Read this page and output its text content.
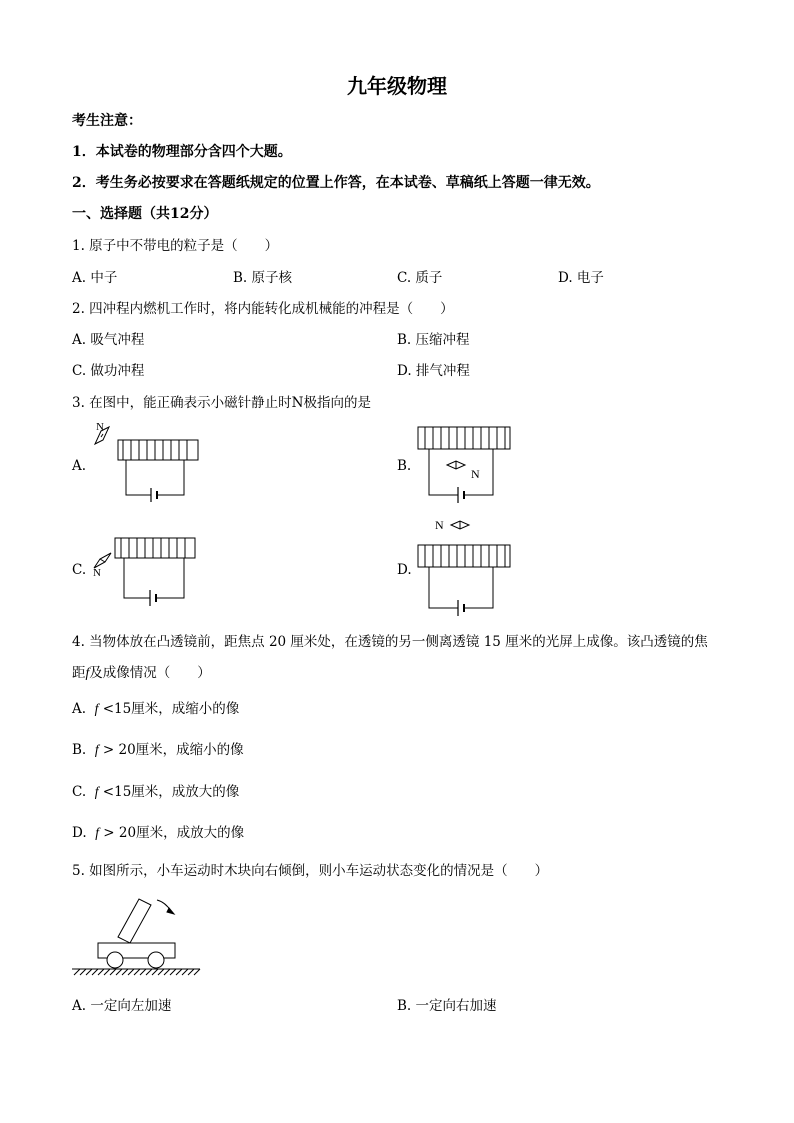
九年级物理
考生注意：
1．本试卷的物理部分含四个大题。
2．考生务必按要求在答题纸规定的位置上作答，在本试卷、草稿纸上答题一律无效。
一、选择题（共12分）
1. 原子中不带电的粒子是（　　）
A. 中子	B. 原子核	C. 质子	D. 电子
2. 四冲程内燃机工作时，将内能转化成机械能的冲程是（　　）
A. 吸气冲程	B. 压缩冲程
C. 做功冲程	D. 排气冲程
3. 在图中，能正确表示小磁针静止时N极指向的是
A.	B.
C.	D.
N
N
N
N
4. 当物体放在凸透镜前，距焦点 20 厘米处，在透镜的另一侧离透镜 15 厘米的光屏上成像。该凸透镜的焦
距f及成像情况（　　）
A. f <15厘米，成缩小的像
B. f > 20厘米，成缩小的像
C. f <15厘米，成放大的像
D. f > 20厘米，成放大的像
5. 如图所示，小车运动时木块向右倾倒，则小车运动状态变化的情况是（　　）
A. 一定向左加速	B. 一定向右加速
